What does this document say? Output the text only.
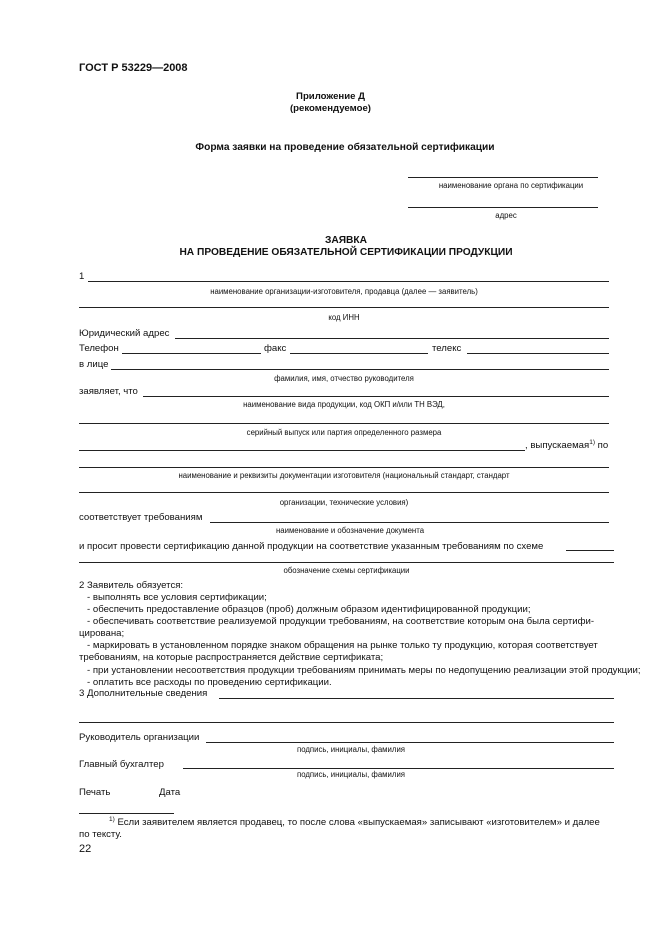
ГОСТ Р 53229—2008
Приложение Д
(рекомендуемое)
Форма заявки на проведение обязательной сертификации
наименование органа по сертификации
адрес
ЗАЯВКА
НА ПРОВЕДЕНИЕ ОБЯЗАТЕЛЬНОЙ СЕРТИФИКАЦИИ ПРОДУКЦИИ
1
наименование организации-изготовителя, продавца (далее — заявитель)
код ИНН
Юридический адрес
Телефон	факс	телекс
в лице
фамилия, имя, отчество руководителя
заявляет, что
наименование вида продукции, код ОКП и/или ТН ВЭД,
серийный выпуск или партия определенного размера
, выпускаемая$^{1)}$ по
наименование и реквизиты документации изготовителя (национальный стандарт, стандарт
организации, технические условия)
соответствует требованиям
наименование и обозначение документа
и просит провести сертификацию данной продукции на соответствие указанным требованиям по схеме
обозначение схемы сертификации
2 Заявитель обязуется:
- выполнять все условия сертификации;
- обеспечить предоставление образцов (проб) должным образом идентифицированной продукции;
- обеспечивать соответствие реализуемой продукции требованиям, на соответствие которым она была сертифи-
цирована;
- маркировать в установленном порядке знаком обращения на рынке только ту продукцию, которая соответствует
требованиям, на которые распространяется действие сертификата;
- при установлении несоответствия продукции требованиям принимать меры по недопущению реализации этой продукции;
- оплатить все расходы по проведению сертификации.
3 Дополнительные сведения
Руководитель организации
подпись, инициалы, фамилия
Главный бухгалтер
подпись, инициалы, фамилия
Печать	Дата
$^{1)}$ Если заявителем является продавец, то после слова «выпускаемая» записывают «изготовителем» и далее
по тексту.
22
